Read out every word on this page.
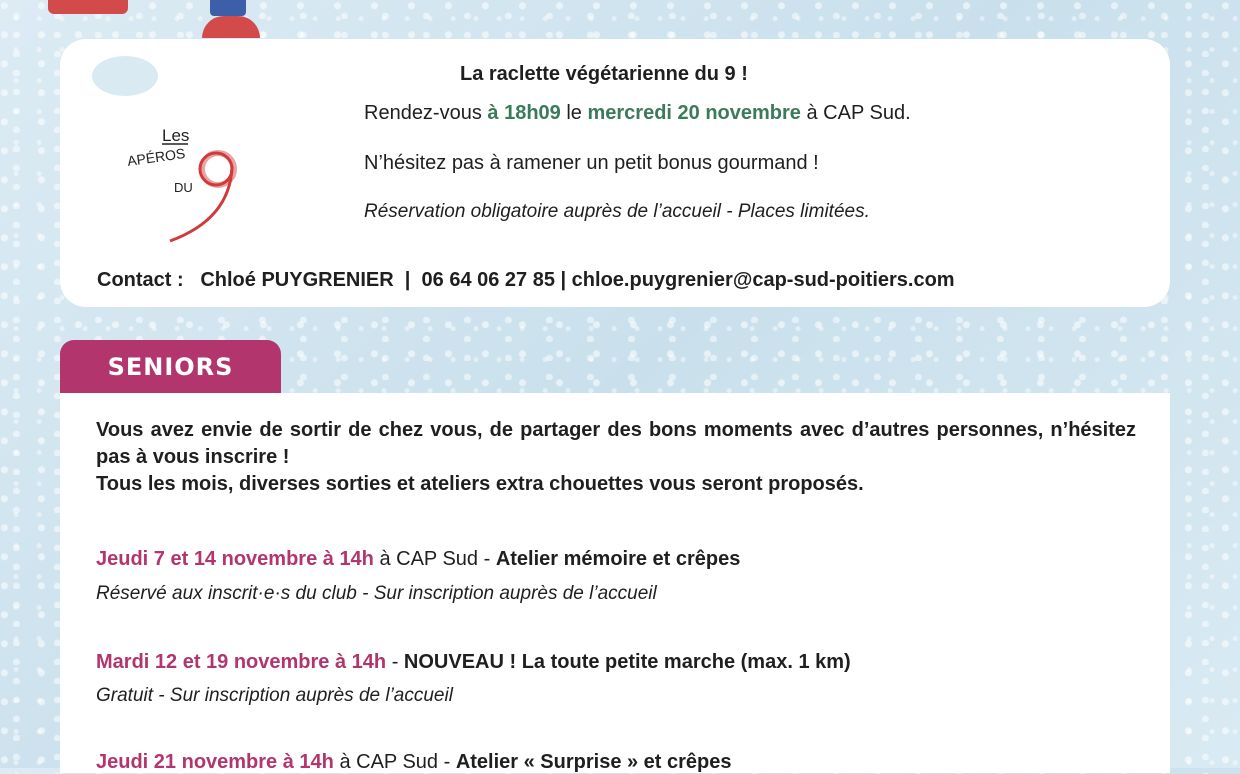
Les
APÉROS
DU
9
La raclette végétarienne du 9 !
Rendez-vous à 18h09 le mercredi 20 novembre à CAP Sud.
N’hésitez pas à ramener un petit bonus gourmand !
Réservation obligatoire auprès de l’accueil - Places limitées.
Contact :   Chloé PUYGRENIER  |  06 64 06 27 85 | chloe.puygrenier@cap-sud-poitiers.com
SENIORS

Vous avez envie de sortir de chez vous, de partager des bons moments avec d’autres personnes, n’hésitez pas à vous inscrire !

Tous les mois, diverses sorties et ateliers extra chouettes vous seront proposés.

Jeudi 7 et 14 novembre à 14h à CAP Sud - Atelier mémoire et crêpes
Réservé aux inscrit·e·s du club - Sur inscription auprès de l’accueil
Mardi 12 et 19 novembre à 14h - NOUVEAU ! La toute petite marche (max. 1 km)
Gratuit - Sur inscription auprès de l’accueil
Jeudi 21 novembre à 14h à CAP Sud - Atelier « Surprise » et crêpes
